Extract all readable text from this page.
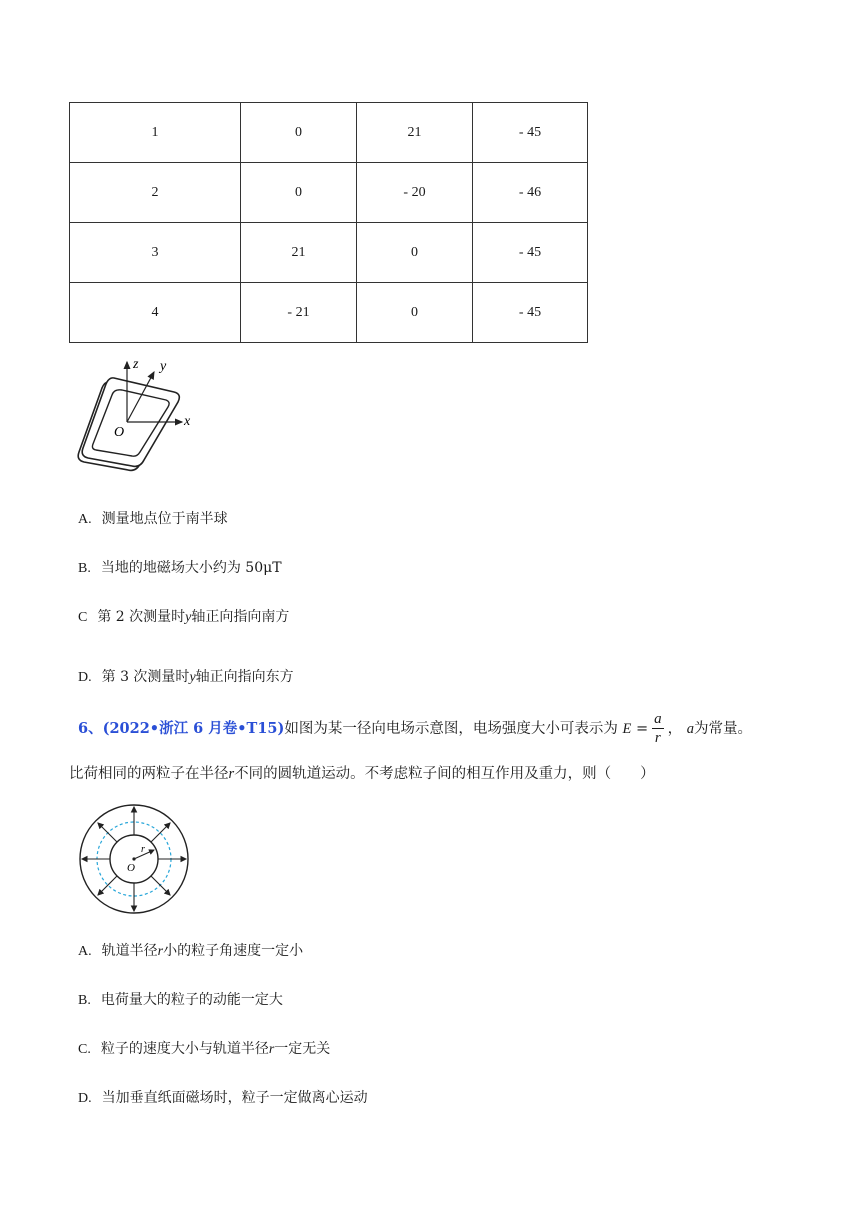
1	0	21	- 45
2	0	- 20	- 46
3	21	0	- 45
4	- 21	0	- 45
z y
x
O
A. 测量地点位于南半球
B. 当地的地磁场大小约为 50μT
C 第 2 次测量时y轴正向指向南方
D. 第 3 次测量时y轴正向指向东方
6、(2022•浙江 6 月卷•T15)如图为某一径向电场示意图，电场强度大小可表示为 $E = \frac{a}{r}$ ， a为常量。
比荷相同的两粒子在半径r不同的圆轨道运动。不考虑粒子间的相互作用及重力，则（　　）
r
O
A. 轨道半径r小的粒子角速度一定小
B. 电荷量大的粒子的动能一定大
C. 粒子的速度大小与轨道半径r一定无关
D. 当加垂直纸面磁场时，粒子一定做离心运动
